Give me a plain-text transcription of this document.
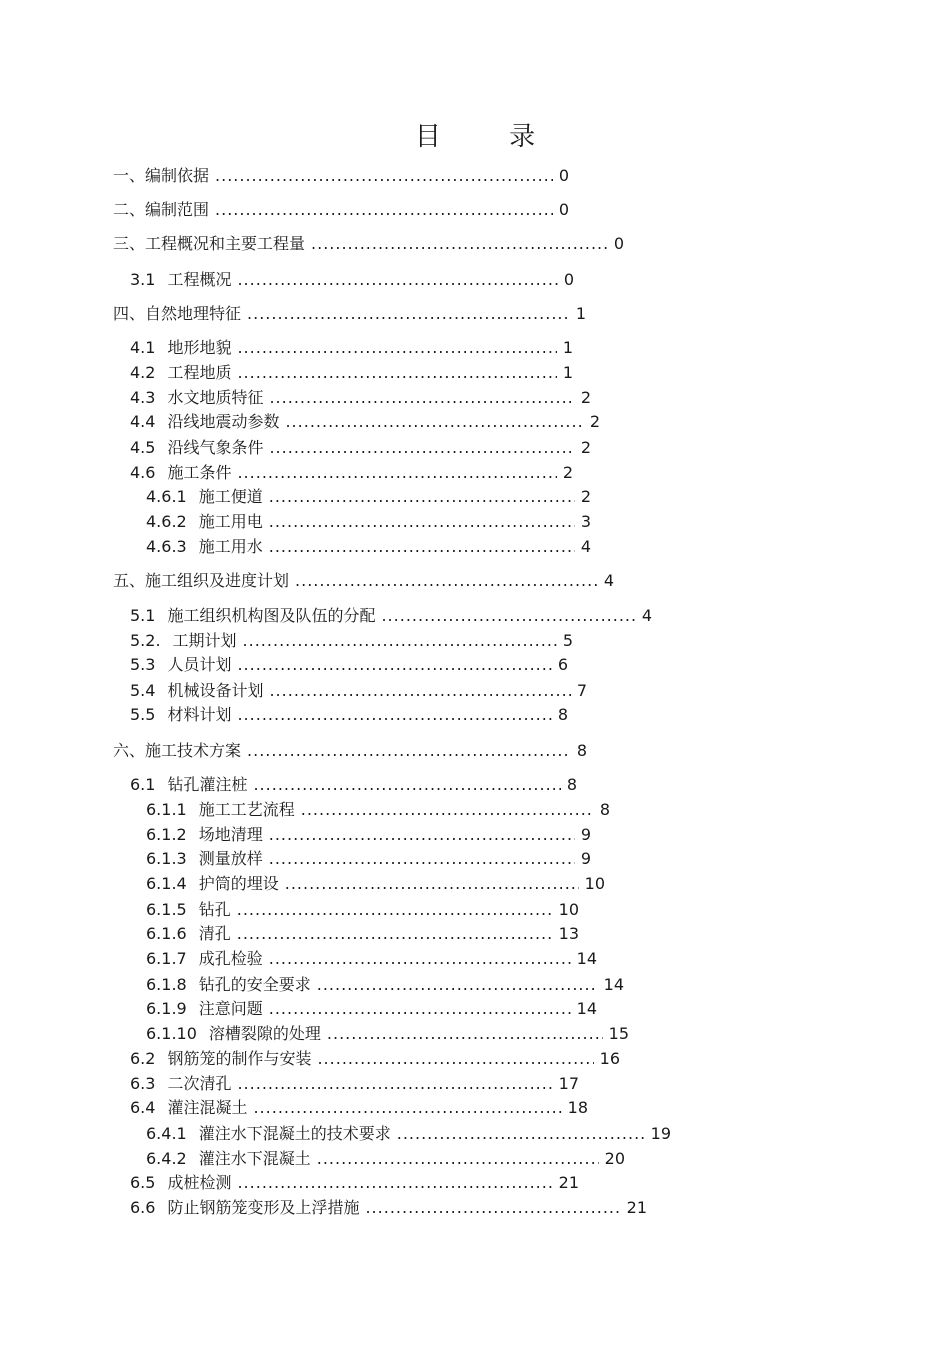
目 录
一、编制依据 .....	0
二、编制范围 .....	0
三、工程概况和主要工程量 .....	0
3.1 工程概况 .....	0
四、自然地理特征 .....	1
4.1 地形地貌 .....	1
4.2 工程地质 .....	1
4.3 水文地质特征 .....	2
4.4 沿线地震动参数 .....	2
4.5 沿线气象条件 .....	2
4.6 施工条件 .....	2
4.6.1 施工便道 .....	2
4.6.2 施工用电 .....	3
4.6.3 施工用水 .....	4
五、施工组织及进度计划 .....	4
5.1 施工组织机构图及队伍的分配 .....	4
5.2. 工期计划 .....	5
5.3 人员计划 .....	6
5.4 机械设备计划 .....	7
5.5 材料计划 .....	8
六、施工技术方案 .....	8
6.1 钻孔灌注桩 .....	8
6.1.1 施工工艺流程 .....	8
6.1.2 场地清理 .....	9
6.1.3 测量放样 .....	9
6.1.4 护筒的埋设 .....	10
6.1.5 钻孔 .....	10
6.1.6 清孔 .....	13
6.1.7 成孔检验 .....	14
6.1.8 钻孔的安全要求 .....	14
6.1.9 注意问题 .....	14
6.1.10 溶槽裂隙的处理 .....	15
6.2 钢筋笼的制作与安装 .....	16
6.3 二次清孔 .....	17
6.4 灌注混凝土 .....	18
6.4.1 灌注水下混凝土的技术要求 .....	19
6.4.2 灌注水下混凝土 .....	20
6.5 成桩检测 .....	21
6.6 防止钢筋笼变形及上浮措施 .....	21
